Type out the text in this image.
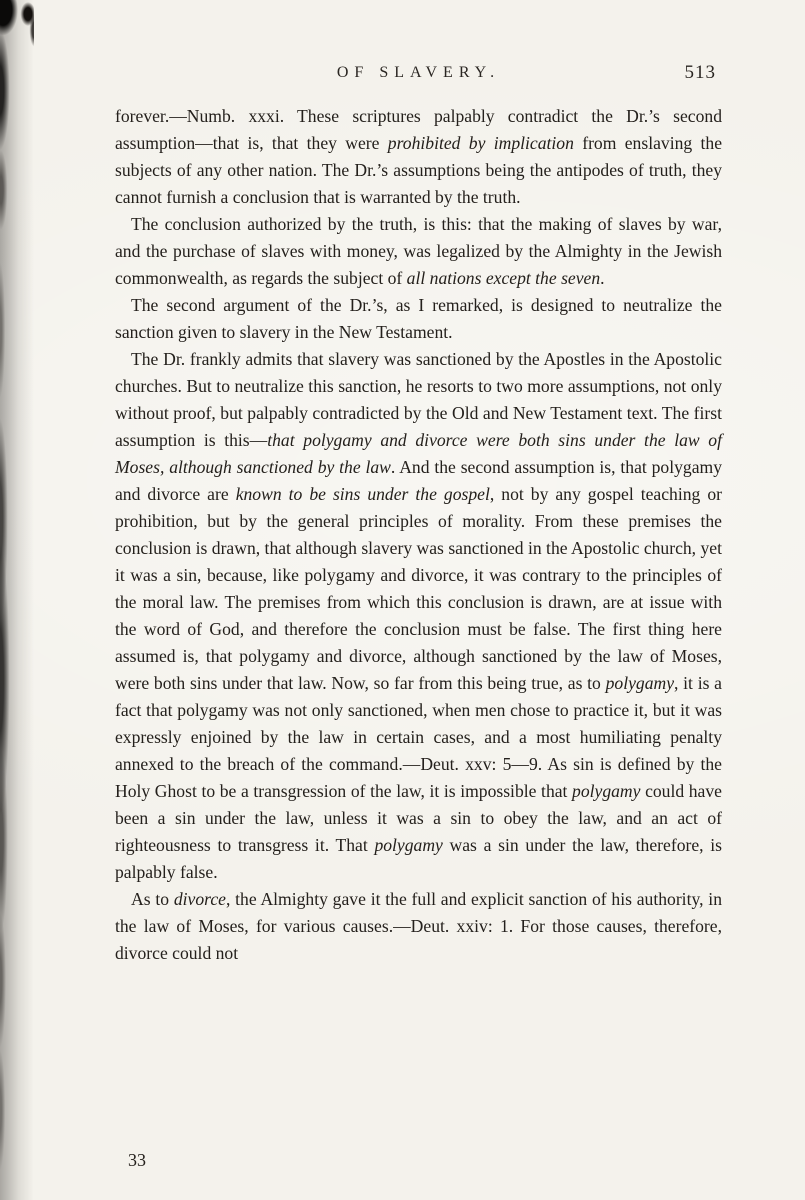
OF SLAVERY.	513

forever.—Numb. xxxi. These scriptures palpably contradict the Dr.’s second assumption—that is, that they were prohibited by implication from enslaving the subjects of any other nation. The Dr.’s assumptions being the antipodes of truth, they cannot furnish a conclusion that is warranted by the truth.

The conclusion authorized by the truth, is this: that the making of slaves by war, and the purchase of slaves with money, was legalized by the Almighty in the Jewish commonwealth, as regards the subject of all nations except the seven.

The second argument of the Dr.’s, as I remarked, is designed to neutralize the sanction given to slavery in the New Testament.

The Dr. frankly admits that slavery was sanctioned by the Apostles in the Apostolic churches. But to neutralize this sanction, he resorts to two more assumptions, not only without proof, but palpably contradicted by the Old and New Testament text. The first assumption is this—that polygamy and divorce were both sins under the law of Moses, although sanctioned by the law. And the second assumption is, that polygamy and divorce are known to be sins under the gospel, not by any gospel teaching or prohibition, but by the general principles of morality. From these premises the conclusion is drawn, that although slavery was sanctioned in the Apostolic church, yet it was a sin, because, like polygamy and divorce, it was contrary to the principles of the moral law. The premises from which this conclusion is drawn, are at issue with the word of God, and therefore the conclusion must be false. The first thing here assumed is, that polygamy and divorce, although sanctioned by the law of Moses, were both sins under that law. Now, so far from this being true, as to polygamy, it is a fact that polygamy was not only sanctioned, when men chose to practice it, but it was expressly enjoined by the law in certain cases, and a most humiliating penalty annexed to the breach of the command.—Deut. xxv: 5—9. As sin is defined by the Holy Ghost to be a transgression of the law, it is impossible that polygamy could have been a sin under the law, unless it was a sin to obey the law, and an act of righteousness to transgress it. That polygamy was a sin under the law, therefore, is palpably false.

As to divorce, the Almighty gave it the full and explicit sanction of his authority, in the law of Moses, for various causes.—Deut. xxiv: 1. For those causes, therefore, divorce could not

33
